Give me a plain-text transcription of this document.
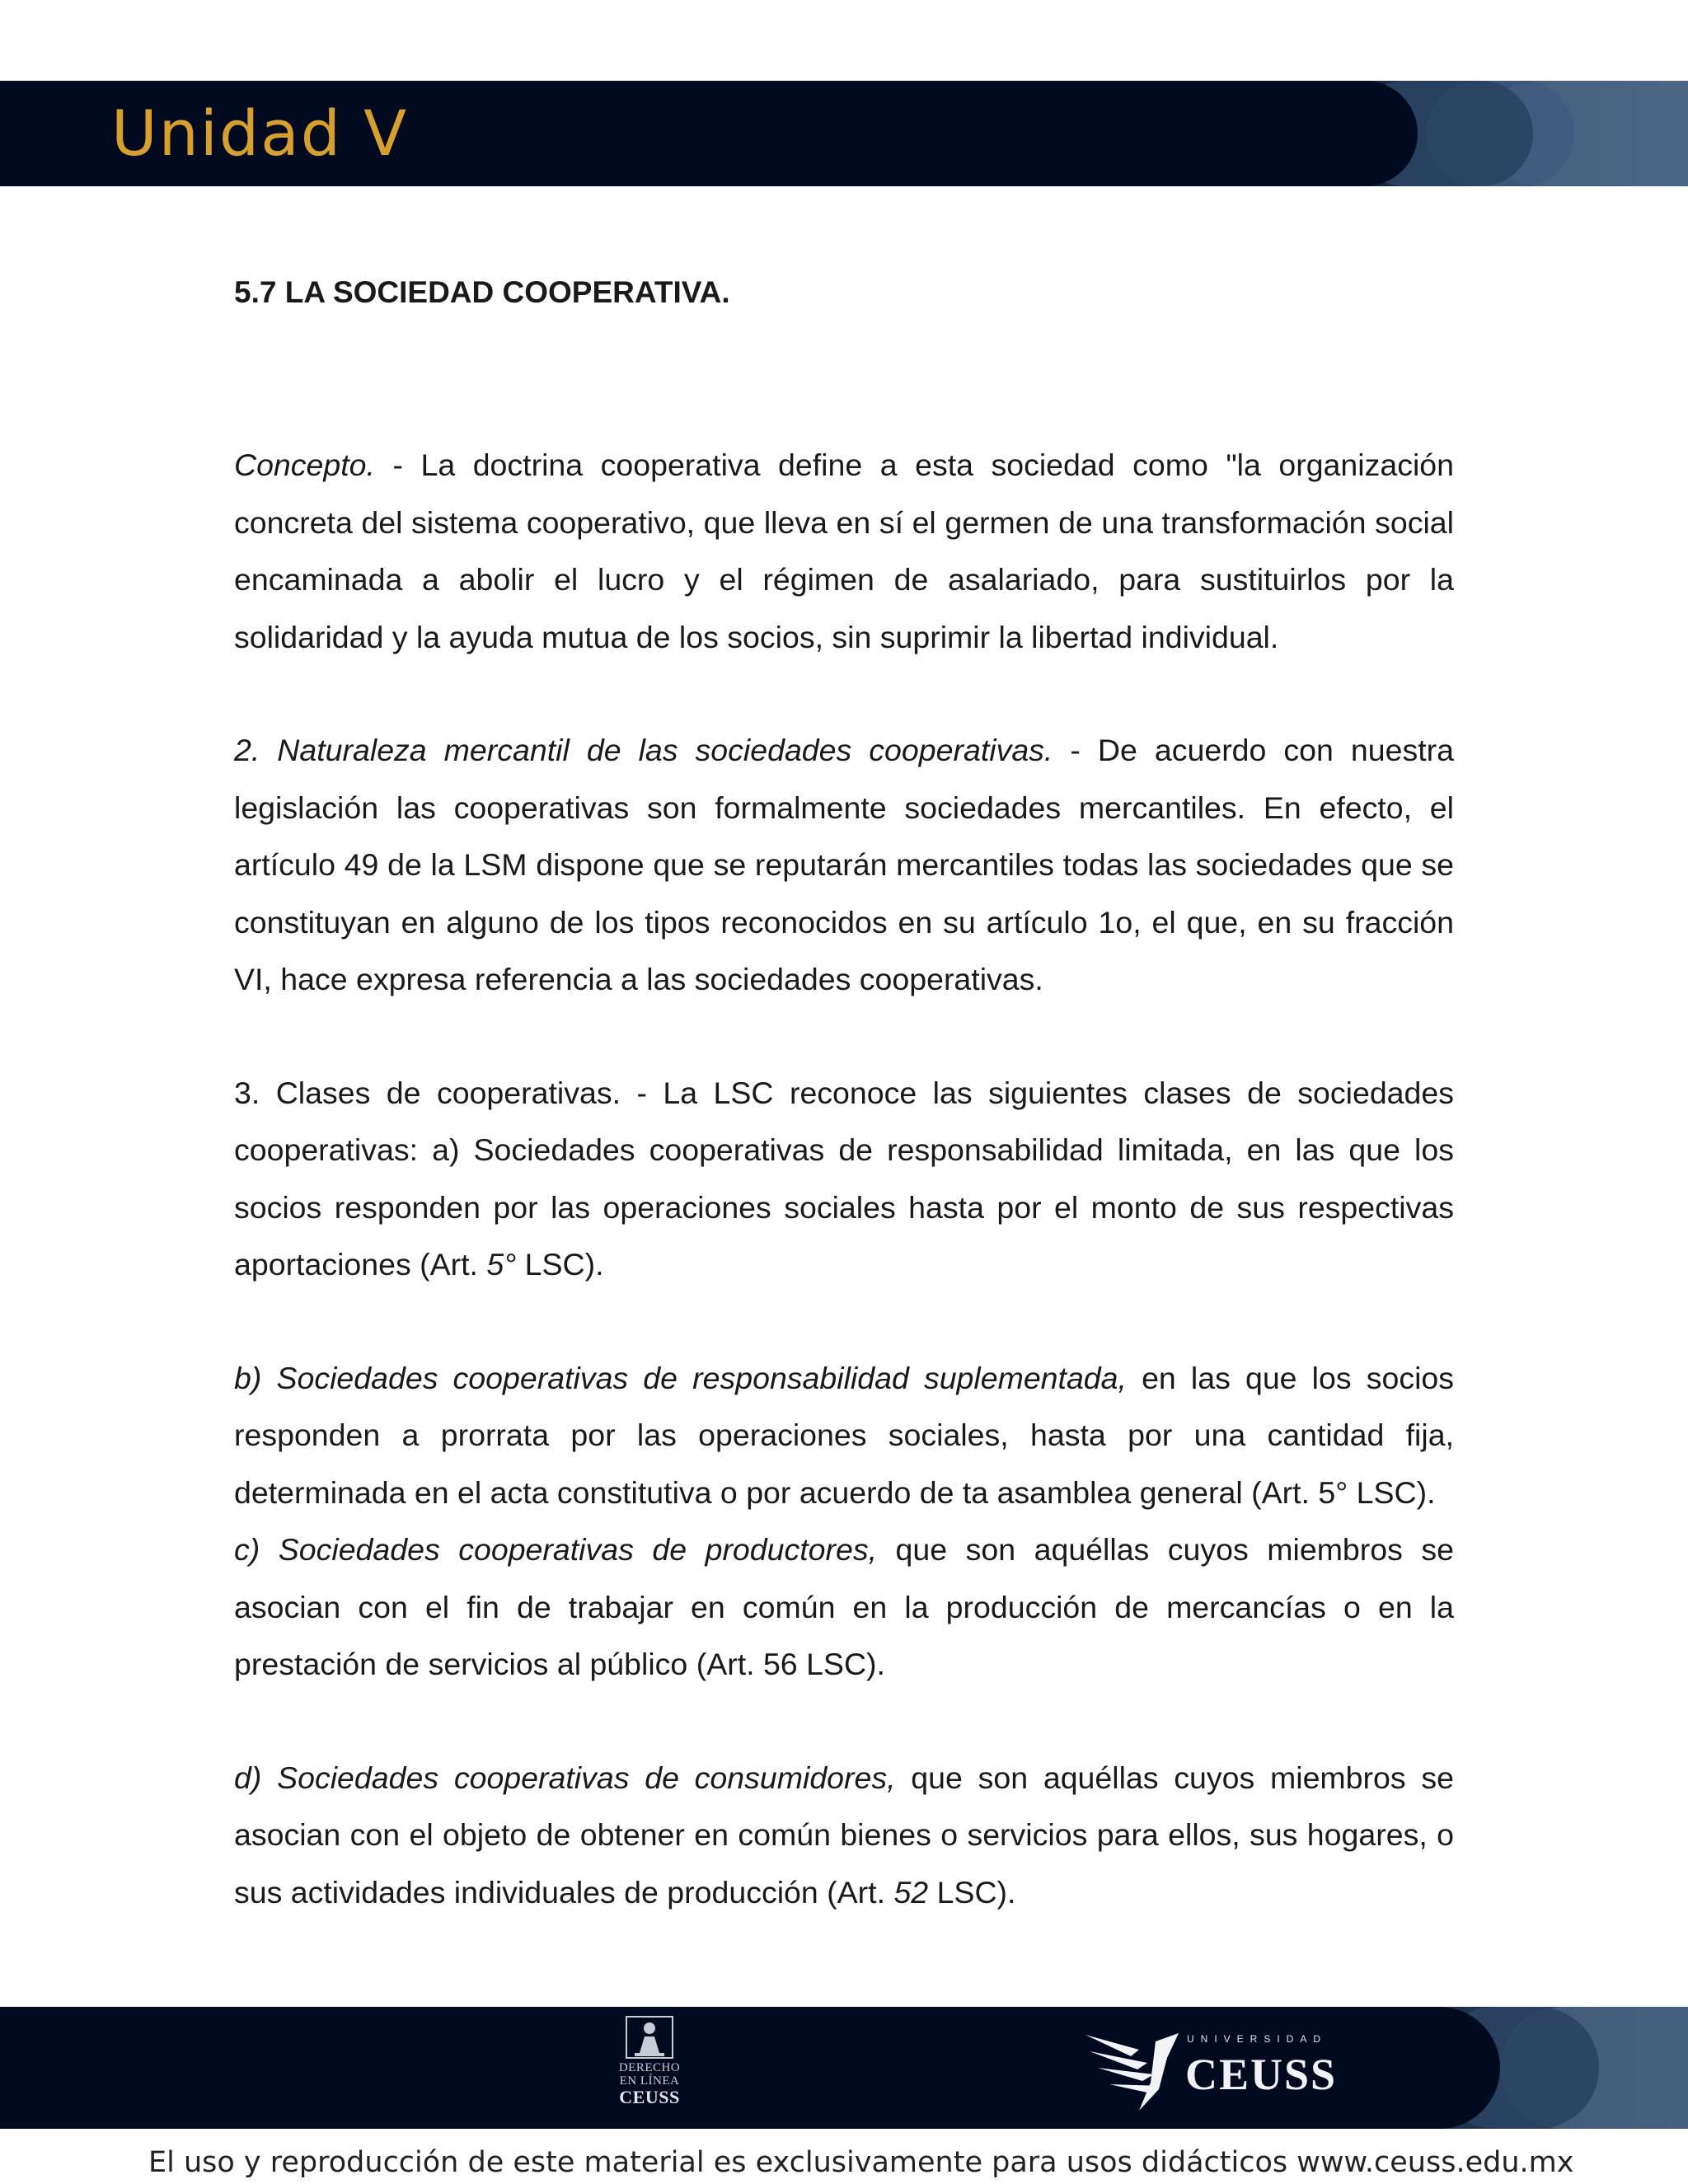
Unidad V
5.7 LA SOCIEDAD COOPERATIVA.

Concepto. - La doctrina cooperativa define a esta sociedad como "la organización concreta del sistema cooperativo, que lleva en sí el germen de una transformación social encaminada a abolir el lucro y el régimen de asalariado, para sustituirlos por la solidaridad y la ayuda mutua de los socios, sin suprimir la libertad individual.

2. Naturaleza mercantil de las sociedades cooperativas. - De acuerdo con nuestra legislación las cooperativas son formalmente sociedades mercantiles. En efecto, el artículo 49 de la LSM dispone que se reputarán mercantiles todas las sociedades que se constituyan en alguno de los tipos reconocidos en su artículo 1o, el que, en su fracción VI, hace expresa referencia a las sociedades cooperativas.

3. Clases de cooperativas. - La LSC reconoce las siguientes clases de sociedades cooperativas: a) Sociedades cooperativas de responsabilidad limitada, en las que los socios responden por las operaciones sociales hasta por el monto de sus respectivas aportaciones (Art. 5° LSC).

b) Sociedades cooperativas de responsabilidad suplementada, en las que los socios responden a prorrata por las operaciones sociales, hasta por una cantidad fija, determinada en el acta constitutiva o por acuerdo de ta asamblea general (Art. 5° LSC).

c) Sociedades cooperativas de productores, que son aquéllas cuyos miembros se asocian con el fin de trabajar en común en la producción de mercancías o en la prestación de servicios al público (Art. 56 LSC).

d) Sociedades cooperativas de consumidores, que son aquéllas cuyos miembros se asocian con el objeto de obtener en común bienes o servicios para ellos, sus hogares, o sus actividades individuales de producción (Art. 52 LSC).

DERECHO
EN LÍNEA
CEUSS
UNIVERSIDAD
CEUSS
El uso y reproducción de este material es exclusivamente para usos didácticos www.ceuss.edu.mx
